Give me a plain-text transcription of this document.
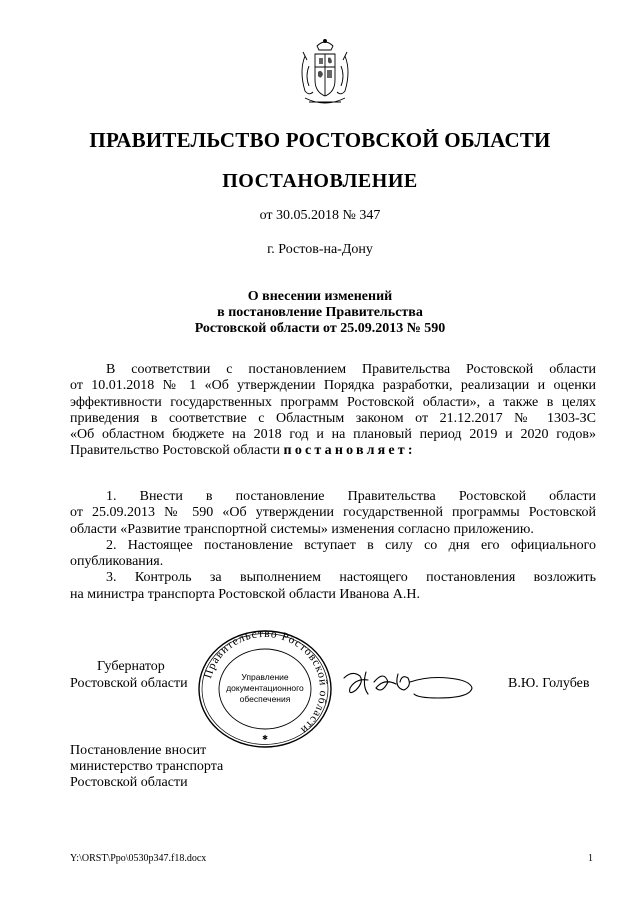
ПРАВИТЕЛЬСТВО РОСТОВСКОЙ ОБЛАСТИ
ПОСТАНОВЛЕНИЕ
от 30.05.2018 № 347
г. Ростов-на-Дону
О внесении изменений
в постановление Правительства
Ростовской области от 25.09.2013 № 590
В соответствии с постановлением Правительства Ростовской области
от 10.01.2018 № 1 «Об утверждении Порядка разработки, реализации и оценки
эффективности государственных программ Ростовской области», а также в целях
приведения в соответствие с Областным законом от 21.12.2017 № 1303-ЗС
«Об областном бюджете на 2018 год и на плановый период 2019 и 2020 годов»
Правительство Ростовской области постановляет:
1. Внести в постановление Правительства Ростовской области
от 25.09.2013 № 590 «Об утверждении государственной программы Ростовской
области «Развитие транспортной системы» изменения согласно приложению.
2. Настоящее постановление вступает в силу со дня его официального
опубликования.
3. Контроль за выполнением настоящего постановления возложить
на министра транспорта Ростовской области Иванова А.Н.
Губернатор
Ростовской области	В.Ю. Голубев
Правительство Ростовской области
Управление
документационного
обеспечения
✱
Постановление вносит
министерство транспорта
Ростовской области
Y:\ORST\Ppo\0530p347.f18.docx	1
